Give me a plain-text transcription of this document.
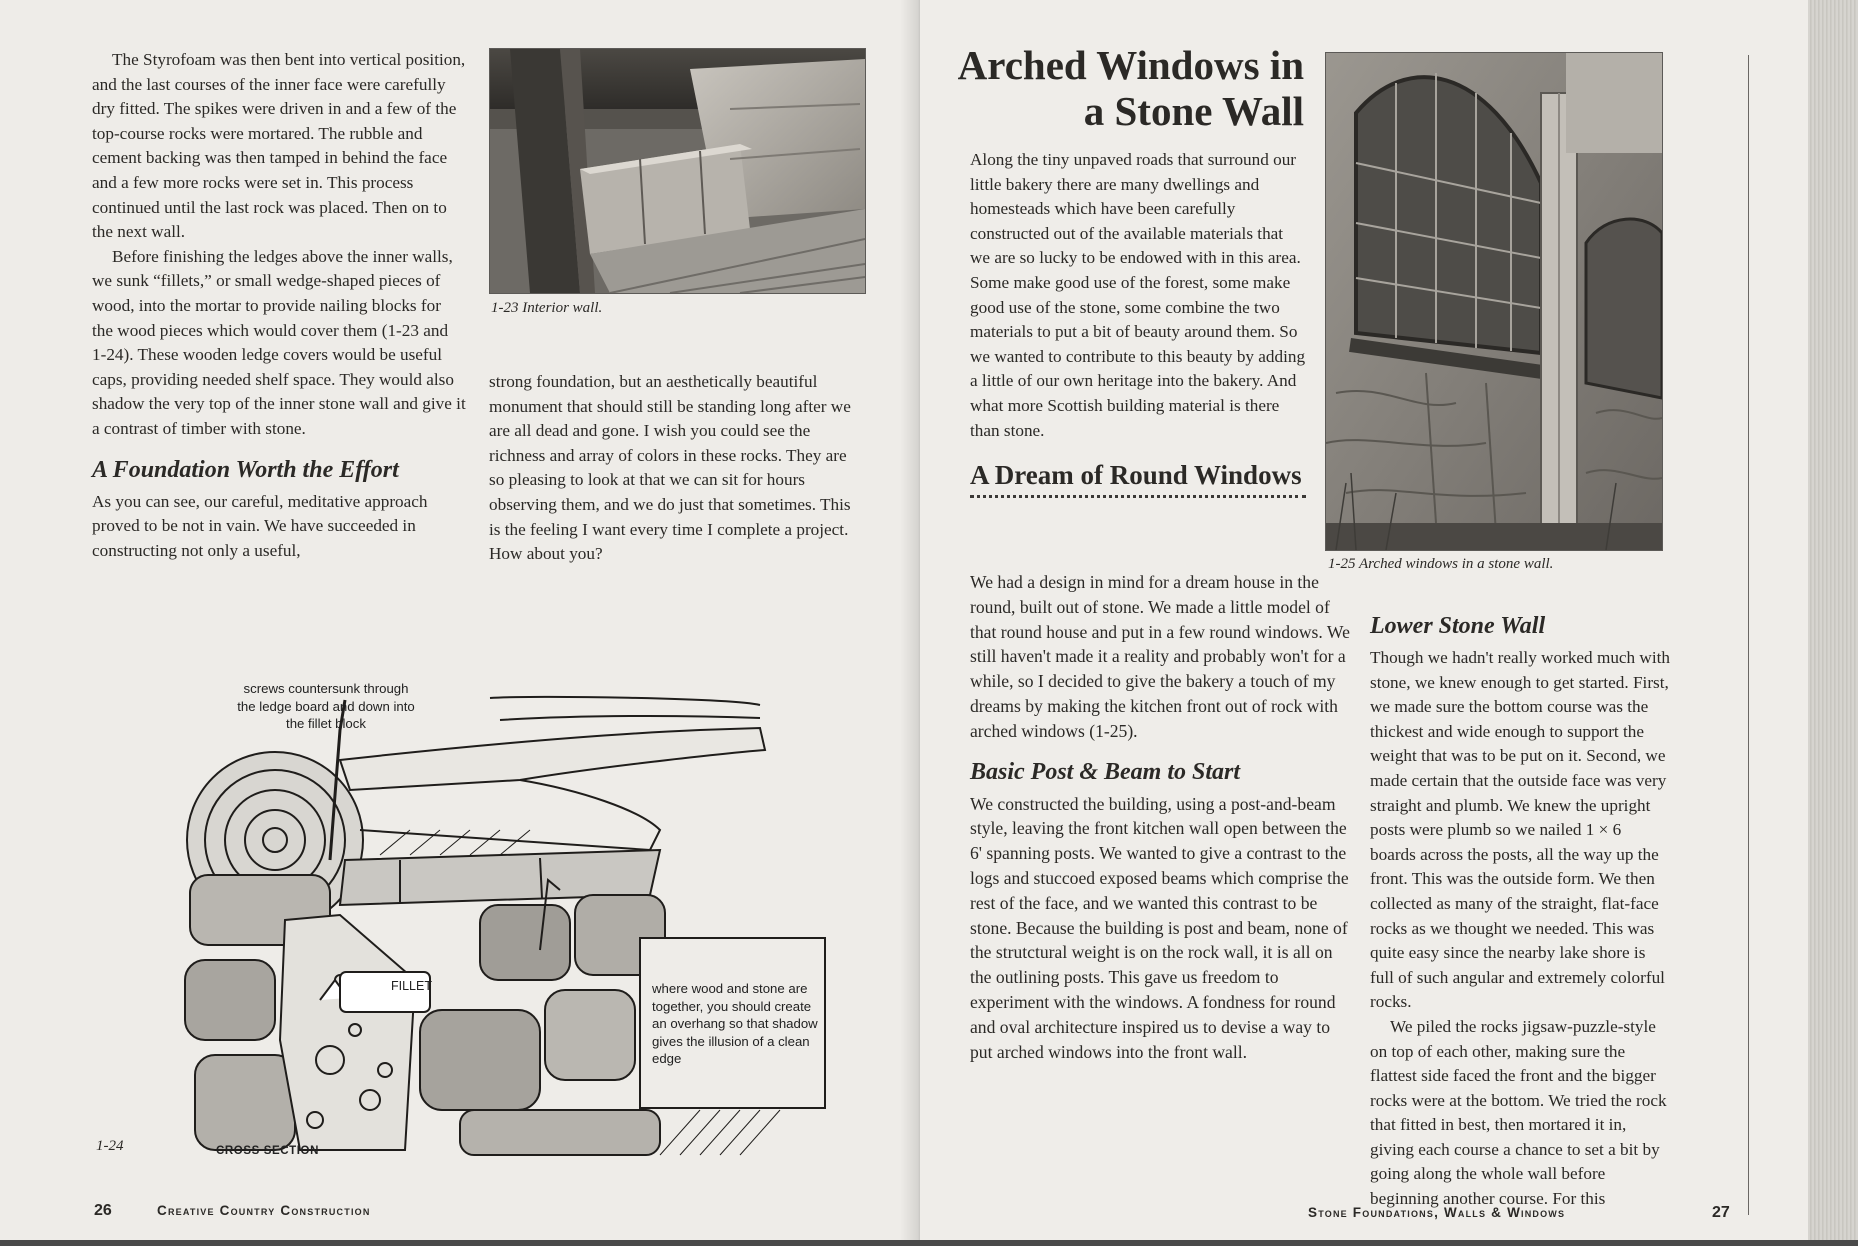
The Styrofoam was then bent into vertical position, and the last courses of the inner face were carefully dry fitted. The spikes were driven in and a few of the top-course rocks were mortared. The rubble and cement backing was then tamped in behind the face and a few more rocks were set in. This process continued until the last rock was placed. Then on to the next wall.

Before finishing the ledges above the inner walls, we sunk “fillets,” or small wedge-shaped pieces of wood, into the mortar to provide nailing blocks for the wood pieces which would cover them (1-23 and 1-24). These wooden ledge covers would be useful caps, providing needed shelf space. They would also shadow the very top of the inner stone wall and give it a contrast of timber with stone.

A Foundation Worth the Effort

As you can see, our careful, meditative approach proved to be not in vain. We have succeeded in constructing not only a useful,

1-23 Interior wall.

strong foundation, but an aesthetically beautiful monument that should still be standing long after we are all dead and gone. I wish you could see the richness and array of colors in these rocks. They are so pleasing to look at that we can sit for hours observing them, and we do just that sometimes. This is the feeling I want every time I complete a project. How about you?

screws countersunk through the ledge board and down into the fillet block
FILLET	where wood and stone are together, you should create an overhang so that shadow gives the illusion of a clean edge
CROSS SECTION
1-24
26	Creative Country Construction
Arched Windows in
a Stone Wall

Along the tiny unpaved roads that surround our little bakery there are many dwellings and homesteads which have been carefully constructed out of the available materials that we are so lucky to be endowed with in this area. Some make good use of the forest, some make good use of the stone, some combine the two materials to put a bit of beauty around them. So we wanted to contribute to this beauty by adding a little of our own heritage into the bakery. And what more Scottish building material is there than stone.

A Dream of Round Windows

We had a design in mind for a dream house in the round, built out of stone. We made a little model of that round house and put in a few round windows. We still haven't made it a reality and probably won't for a while, so I decided to give the bakery a touch of my dreams by making the kitchen front out of rock with arched windows (1-25).

Basic Post & Beam to Start

We constructed the building, using a post-and-beam style, leaving the front kitchen wall open between the 6' spanning posts. We wanted to give a contrast to the logs and stuccoed exposed beams which comprise the rest of the face, and we wanted this contrast to be stone. Because the building is post and beam, none of the strutctural weight is on the rock wall, it is all on the outlining posts. This gave us freedom to experiment with the windows. A fondness for round and oval architecture inspired us to devise a way to put arched windows into the front wall.

1-25 Arched windows in a stone wall.
Lower Stone Wall

Though we hadn't really worked much with stone, we knew enough to get started. First, we made sure the bottom course was the thickest and wide enough to support the weight that was to be put on it. Second, we made certain that the outside face was very straight and plumb. We knew the upright posts were plumb so we nailed 1 × 6 boards across the posts, all the way up the front. This was the outside form. We then collected as many of the straight, flat-face rocks as we thought we needed. This was quite easy since the nearby lake shore is full of such angular and extremely colorful rocks.

We piled the rocks jigsaw-puzzle-style on top of each other, making sure the flattest side faced the front and the bigger rocks were at the bottom. We tried the rock that fitted in best, then mortared it in, giving each course a chance to set a bit by going along the whole wall before beginning another course. For this

Stone Foundations, Walls & Windows	27
